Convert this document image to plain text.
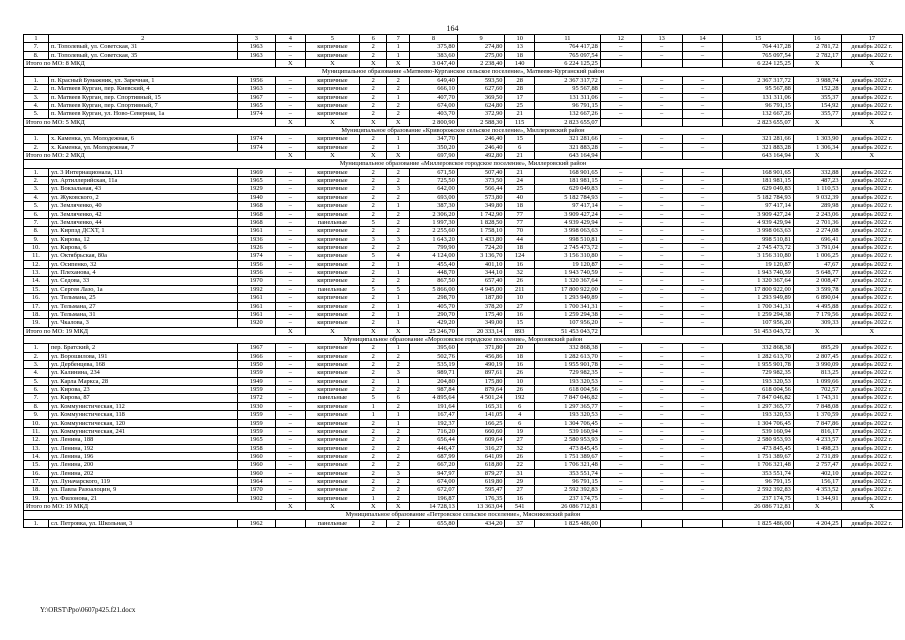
164
1	2	3	4	5	6	7	8	9	10	11	12	13	14	15	16	17
7.	п. Тополевый, ул. Советская, 31	1963	–	кирпичные	2	1	375,80	274,80	13	764 417,28	–	–	–	764 417,28	2 781,72	декабрь 2022 г.
8.	п. Тополевый, ул. Советская, 35	1963	–	кирпичные	2	1	383,60	275,00	18	765 097,54	–	–	–	765 097,54	2 782,17	декабрь 2022 г.
Итого по МО: 8 МКД			X	X	X	X	3 047,40	2 238,40	140	6 224 125,25				6 224 125,25	X	X
Муниципальное образование «Матвеево-Курганское сельское поселение», Матвеево-Курганский район																
1.	п. Красный Бумажник, ул. Заречная, 1	1956	–	кирпичные	2	2	649,40	593,50	28	2 367 317,72	–	–	–	2 367 317,72	3 988,74	декабрь 2022 г.
2.	п. Матвеев Курган, пер. Киевский, 4	1963	–	кирпичные	2	2	666,10	627,60	28	95 567,88	–	–	–	95 567,88	152,28	декабрь 2022 г.
3.	п. Матвеев Курган, пер. Спортивный, 15	1967	–	кирпичные	2	1	407,70	369,50	17	131 311,06	–	–	–	131 311,06	355,37	декабрь 2022 г.
4.	п. Матвеев Курган, пер. Спортивный, 7	1965	–	кирпичные	2	2	674,00	624,80	25	96 791,15	–	–	–	96 791,15	154,92	декабрь 2022 г.
5.	п. Матвеев Курган, ул. Ново-Северная, 1а	1974	–	кирпичные	2	2	403,70	372,90	21	132 667,26	–	–	–	132 667,26	355,77	декабрь 2022 г.
Итого по МО: 5 МКД			X	X	X	X	2 800,90	2 588,30	115	2 823 655,07				2 823 655,07	X	X
Муниципальное образование «Криворожское сельское поселение», Миллеровский район																
1.	х. Каменка, ул. Молодежная, 6	1974	–	кирпичные	2	1	347,70	246,40	15	321 281,66	–	–	–	321 281,66	1 303,90	декабрь 2022 г.
2.	х. Каменка, ул. Молодежная, 7	1974	–	кирпичные	2	1	350,20	246,40	6	321 883,28	–	–	–	321 883,28	1 306,34	декабрь 2022 г.
Итого по МО: 2 МКД			X	X	X	X	697,90	492,80	21	643 164,94				643 164,94	X	X
Муниципальное образование «Миллеровское городское поселение», Миллеровский район																
1.	ул. 3 Интернационала, 111	1969	–	кирпичные	2	2	671,50	507,40	21	168 901,65	–	–	–	168 901,65	332,88	декабрь 2022 г.
2.	ул. Артиллерийская, 11а	1965	–	кирпичные	2	2	725,50	373,50	24	181 981,15	–	–	–	181 981,15	487,23	декабрь 2022 г.
3.	ул. Вокзальная, 43	1929	–	кирпичные	2	3	642,00	566,44	25	629 049,83	–	–	–	629 049,83	1 110,53	декабрь 2022 г.
4.	ул. Жуковского, 2	1940	–	кирпичные	2	2	693,00	573,80	40	5 182 784,93	–	–	–	5 182 784,93	9 032,39	декабрь 2022 г.
5.	ул. Земляченко, 40	1968	–	кирпичные	2	1	387,30	349,80	18	97 417,14	–	–	–	97 417,14	289,98	декабрь 2022 г.
6.	ул. Земляченко, 42	1968	–	кирпичные	2	2	2 306,20	1 742,90	77	3 909 427,24	–	–	–	3 909 427,24	2 243,06	декабрь 2022 г.
7.	ул. Земляченко, 44	1968	–	панельные	5	2	1 997,30	1 828,50	77	4 939 429,94	–	–	–	4 939 429,94	2 701,36	декабрь 2022 г.
8.	ул. Кирпзд ДСХТ, 1	1961	–	кирпичные	2	2	2 255,60	1 758,10	70	3 998 063,63	–	–	–	3 998 063,63	2 274,08	декабрь 2022 г.
9.	ул. Кирова, 12	1936	–	кирпичные	3	3	1 643,20	1 433,80	44	998 510,81	–	–	–	998 510,81	696,41	декабрь 2022 г.
10.	ул. Кирова, 6	1926	–	кирпичные	2	2	799,90	724,20	18	2 745 473,72	–	–	–	2 745 473,72	3 791,04	декабрь 2022 г.
11.	ул. Октябрьская, 80а	1974	–	кирпичные	5	4	4 124,00	3 136,70	124	3 156 310,80	–	–	–	3 156 310,80	1 006,25	декабрь 2022 г.
12.	ул. Осипенко, 32	1956	–	кирпичные	2	1	455,40	401,10	16	19 120,87	–	–	–	19 120,87	47,67	декабрь 2022 г.
13.	ул. Плеханова, 4	1956	–	кирпичные	2	1	448,70	344,10	32	1 943 740,59	–	–	–	1 943 740,59	5 648,77	декабрь 2022 г.
14.	ул. Седова, 33	1970	–	кирпичные	2	2	867,50	657,40	26	1 320 367,64	–	–	–	1 320 367,64	2 008,47	декабрь 2022 г.
15.	ул. Сергея Лазо, 1а	1992	–	панельные	5	5	5 866,00	4 945,00	211	17 800 922,00	–	–	–	17 800 922,00	3 599,78	декабрь 2022 г.
16.	ул. Тельмана, 25	1961	–	кирпичные	2	1	298,70	187,80	10	1 293 949,89	–	–	–	1 293 949,89	6 890,04	декабрь 2022 г.
17.	ул. Тельмана, 27	1961	–	кирпичные	2	1	405,70	378,20	27	1 700 341,31	–	–	–	1 700 341,31	4 495,88	декабрь 2022 г.
18.	ул. Тельмана, 31	1961	–	кирпичные	2	1	290,70	175,40	16	1 259 294,38	–	–	–	1 259 294,38	7 179,56	декабрь 2022 г.
19.	ул. Чкалова, 3	1920	–	кирпичные	2	1	429,20	349,00	15	107 956,20	–	–	–	107 956,20	309,33	декабрь 2022 г.
Итого по МО: 19 МКД			X	X	X	X	25 246,70	20 333,14	893	51 453 043,72				51 453 043,72	X	X
Муниципальное образование «Морозовское городское поселение», Морозовский район																
1.	пер. Братский, 2	1967	–	кирпичные	2	1	395,60	371,80	20	332 868,38	–	–	–	332 868,38	895,29	декабрь 2022 г.
2.	ул. Ворошилова, 191	1966	–	кирпичные	2	2	502,76	456,86	18	1 282 613,70	–	–	–	1 282 613,70	2 807,45	декабрь 2022 г.
3.	ул. Дербенцева, 168	1950	–	кирпичные	2	2	535,19	490,19	16	1 955 901,78	–	–	–	1 955 901,78	3 990,09	декабрь 2022 г.
4.	ул. Калинина, 234	1959	–	кирпичные	2	3	989,71	897,61	26	729 982,35	–	–	–	729 982,35	813,25	декабрь 2022 г.
5.	ул. Карла Маркса, 28	1949	–	кирпичные	2	1	204,80	175,80	10	193 320,53	–	–	–	193 320,53	1 099,66	декабрь 2022 г.
6.	ул. Кирова, 23	1959	–	кирпичные	2	2	987,84	879,64	26	618 004,56	–	–	–	618 004,56	702,57	декабрь 2022 г.
7.	ул. Кирова, 87	1972	–	панельные	5	6	4 895,64	4 501,24	192	7 847 046,82	–	–	–	7 847 046,82	1 743,31	декабрь 2022 г.
8.	ул. Коммунистическая, 112	1930	–	кирпичные	1	2	191,64	165,31	6	1 297 365,77	–	–	–	1 297 365,77	7 848,08	декабрь 2022 г.
9.	ул. Коммунистическая, 118	1959	–	кирпичные	1	1	167,47	141,05	4	193 320,53	–	–	–	193 320,53	1 370,59	декабрь 2022 г.
10.	ул. Коммунистическая, 120	1959	–	кирпичные	2	1	192,37	166,25	6	1 304 706,45	–	–	–	1 304 706,45	7 847,86	декабрь 2022 г.
11.	ул. Коммунистическая, 241	1959	–	кирпичные	2	2	716,20	660,60	19	539 160,94	–	–	–	539 160,94	816,17	декабрь 2022 г.
12.	ул. Ленина, 188	1965	–	кирпичные	2	2	656,44	609,64	27	2 580 953,93	–	–	–	2 580 953,93	4 233,57	декабрь 2022 г.
13.	ул. Ленина, 192	1958	–	кирпичные	2	2	446,47	316,27	32	473 845,45	–	–	–	473 845,45	1 498,23	декабрь 2022 г.
14.	ул. Ленина, 196	1960	–	кирпичные	2	2	687,99	641,09	26	1 751 389,67	–	–	–	1 751 389,67	2 731,89	декабрь 2022 г.
15.	ул. Ленина, 200	1960	–	кирпичные	2	2	667,20	618,80	22	1 706 321,48	–	–	–	1 706 321,48	2 757,47	декабрь 2022 г.
16.	ул. Ленина, 202	1960	–	кирпичные	2	3	947,97	879,27	31	353 551,74	–	–	–	353 551,74	402,10	декабрь 2022 г.
17.	ул. Луначарского, 119	1964	–	кирпичные	2	2	674,00	619,80	29	96 791,15	–	–	–	96 791,15	156,17	декабрь 2022 г.
18.	ул. Павла Разоалоцин, 9	1970	–	кирпичные	2	2	672,07	595,47	27	2 592 392,83	–	–	–	2 592 392,83	4 353,52	декабрь 2022 г.
19.	ул. Филонова, 21	1902	–	кирпичные	1	2	196,87	176,35	16	237 174,75	–	–	–	237 174,75	1 344,91	декабрь 2022 г.
Итого по МО: 19 МКД			X	X	X	X	14 728,13	13 363,04	541	26 086 712,81				26 086 712,81	X	X
Муниципальное образование «Петровское сельское поселение», Мясниковский район																
1.	сл. Петровка, ул. Школьная, 3	1962		панельные	2	2	655,80	434,20	37	1 825 486,00				1 825 486,00	4 204,25	декабрь 2022 г.
Y:\ORST\Ppo\0607p425.f21.docx
